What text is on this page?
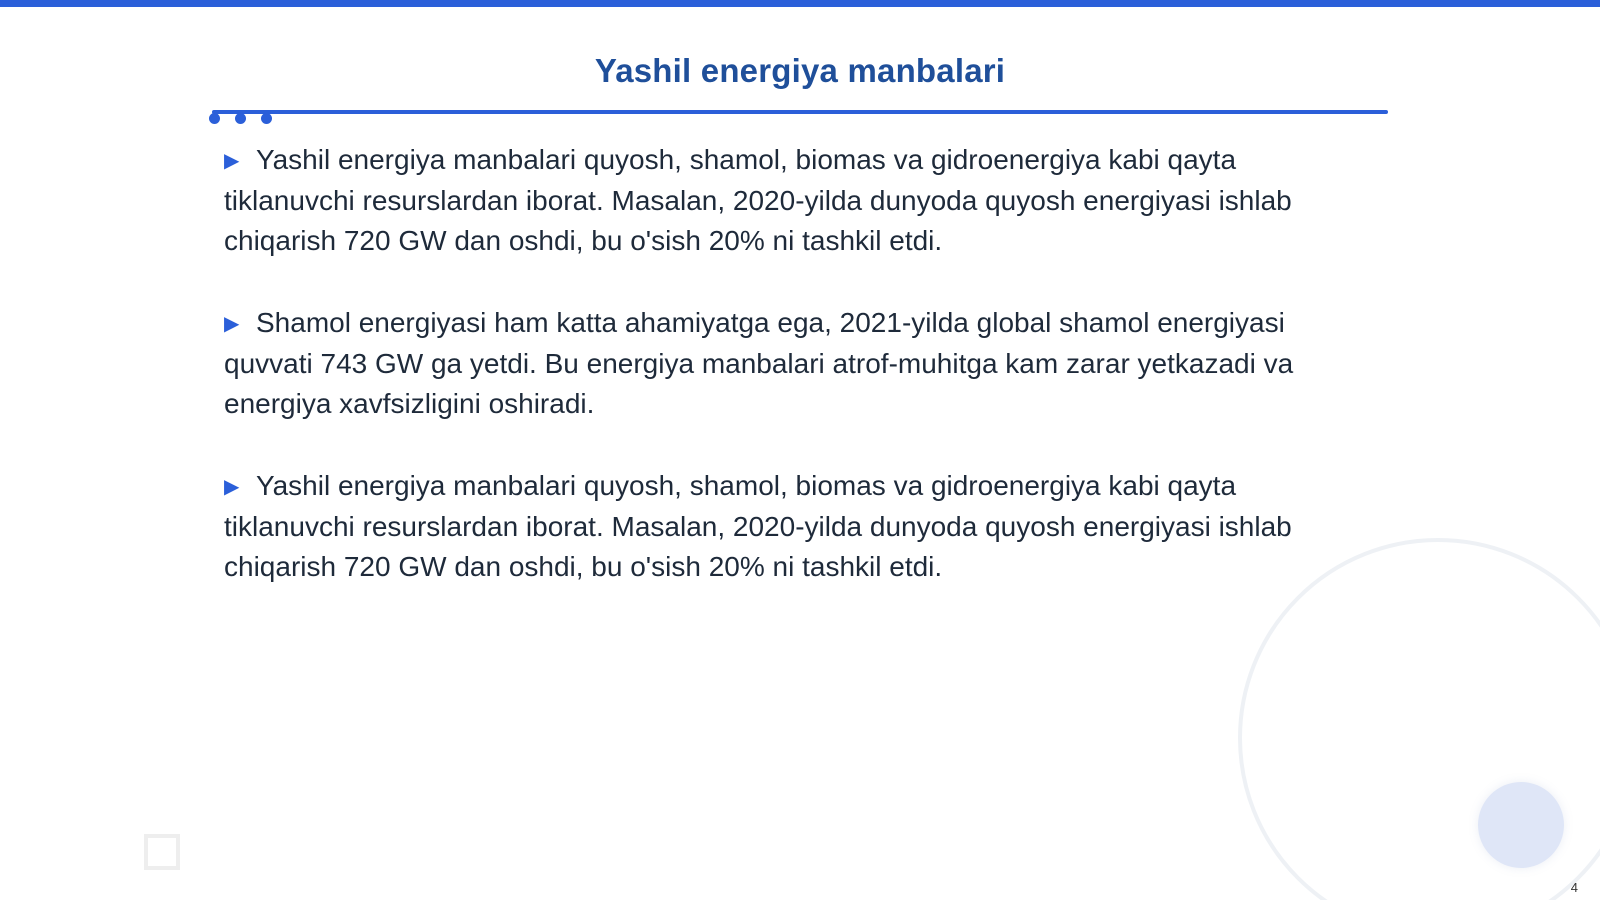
Yashil energiya manbalari

▶ Yashil energiya manbalari quyosh, shamol, biomas va gidroenergiya kabi qayta tiklanuvchi resurslardan iborat. Masalan, 2020-yilda dunyoda quyosh energiyasi ishlab chiqarish 720 GW dan oshdi, bu o'sish 20% ni tashkil etdi.

▶ Shamol energiyasi ham katta ahamiyatga ega, 2021-yilda global shamol energiyasi quvvati 743 GW ga yetdi. Bu energiya manbalari atrof-muhitga kam zarar yetkazadi va energiya xavfsizligini oshiradi.

▶ Yashil energiya manbalari quyosh, shamol, biomas va gidroenergiya kabi qayta tiklanuvchi resurslardan iborat. Masalan, 2020-yilda dunyoda quyosh energiyasi ishlab chiqarish 720 GW dan oshdi, bu o'sish 20% ni tashkil etdi.

4
